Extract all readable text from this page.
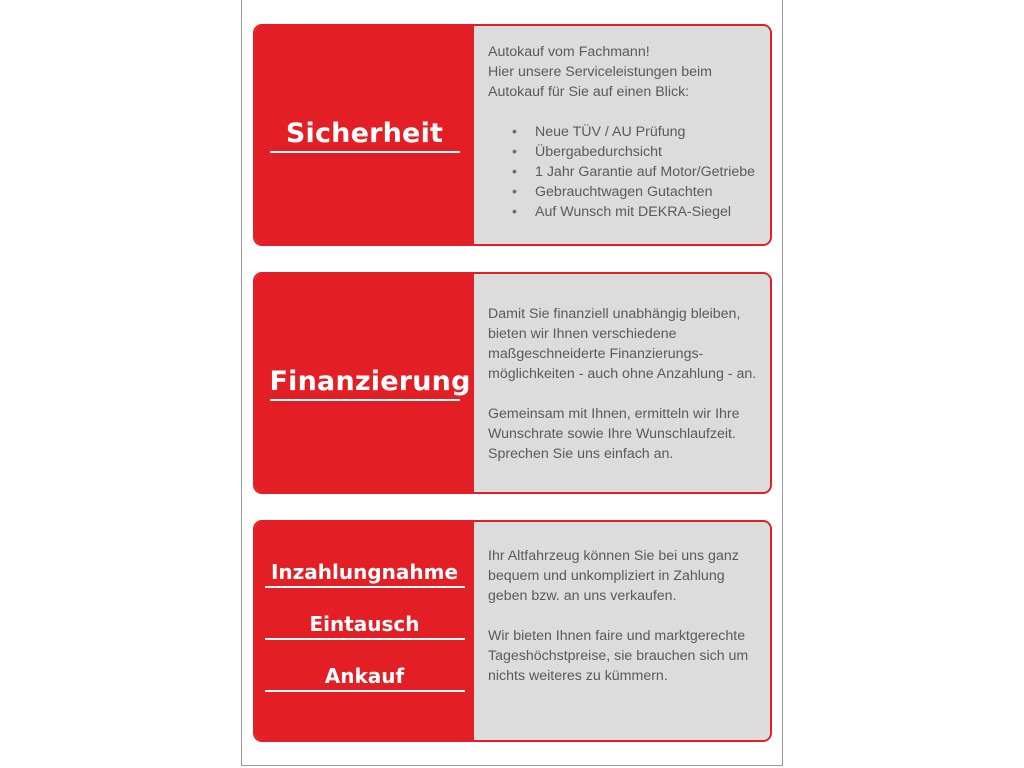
Sicherheit

Autokauf vom Fachmann!
Hier unsere Serviceleistungen beim
Autokauf für Sie auf einen Blick:

• Neue TÜV / AU Prüfung
• Übergabedurchsicht
• 1 Jahr Garantie auf Motor/Getriebe
• Gebrauchtwagen Gutachten
• Auf Wunsch mit DEKRA-Siegel
Finanzierung

Damit Sie finanziell unabhängig bleiben,
bieten wir Ihnen verschiedene
maßgeschneiderte Finanzierungs-
möglichkeiten - auch ohne Anzahlung - an.

Gemeinsam mit Ihnen, ermitteln wir Ihre
Wunschrate sowie Ihre Wunschlaufzeit.
Sprechen Sie uns einfach an.

Inzahlungnahme
Eintausch
Ankauf

Ihr Altfahrzeug können Sie bei uns ganz
bequem und unkompliziert in Zahlung
geben bzw. an uns verkaufen.

Wir bieten Ihnen faire und marktgerechte
Tageshöchstpreise, sie brauchen sich um
nichts weiteres zu kümmern.
